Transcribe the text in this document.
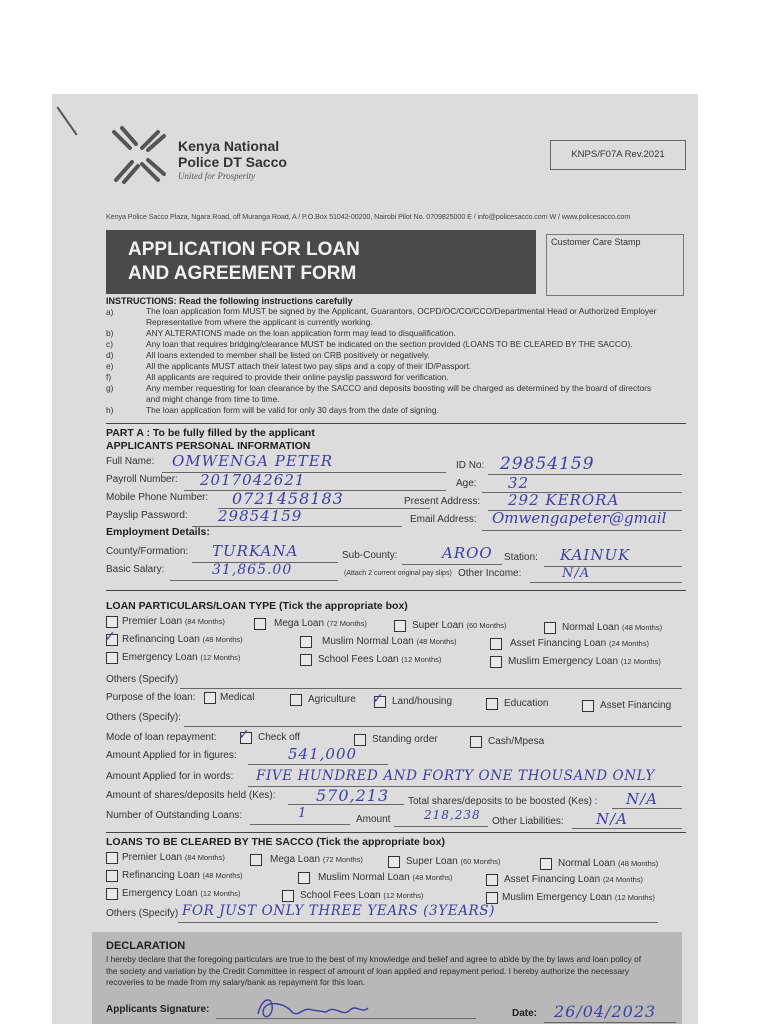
Kenya National
Police DT Sacco
United for Prosperity
KNPS/F07A Rev.2021
Kenya Police Sacco Plaza, Ngara Road, off Muranga Road, A / P.O.Box 51042-00200, Nairobi Pilot No. 0709825000 E / info@policesacco.com W / www.policesacco.com
APPLICATION FOR LOAN
AND AGREEMENT FORM
Customer Care Stamp
INSTRUCTIONS: Read the following instructions carefully
a)	The loan application form MUST be signed by the Applicant, Guarantors, OCPD/OC/CO/CCO/Departmental Head or Authorized Employer
Representative from where the applicant is currently working.
b)	ANY ALTERATIONS made on the loan application form may lead to disqualification.
c)	Any loan that requires bridging/clearance MUST be indicated on the section provided (LOANS TO BE CLEARED BY THE SACCO).
d)	All loans extended to member shall be listed on CRB positively or negatively.
e)	All the applicants MUST attach their latest two pay slips and a copy of their ID/Passport.
f)	All applicants are required to provide their online payslip password for verification.
g)	Any member requesting for loan clearance by the SACCO and deposits boosting will be charged as determined by the board of directors
and might change from time to time.
h)	The loan application form will be valid for only 30 days from the date of signing.
PART A : To be fully filled by the applicant
APPLICANTS PERSONAL INFORMATION
Full Name: OMWENGA PETER	ID No: 29854159
Payroll Number: 2017042621	Age: 32
Mobile Phone Number: 0721458183	Present Address: 292 KERORA
Payslip Password: 29854159	Email Address: Omwengapeter@gmail
Employment Details:
County/Formation: TURKANA	Sub-County:	AROO Station: KAINUK
Basic Salary:	31,865.00	(Attach 2 current original pay slips) Other Income:	N/A
LOAN PARTICULARS/LOAN TYPE (Tick the appropriate box)
Premier Loan (84 Months)	Mega Loan (72 Months)	Super Loan (60 Months)	Normal Loan (48 Months)
✓ Refinancing Loan (48 Months)	Muslim Normal Loan (48 Months)	Asset Financing Loan (24 Months)
Emergency Loan (12 Months)	School Fees Loan (12 Months)	Muslim Emergency Loan (12 Months)
Others (Specify)
Purpose of the loan: Medical	Agriculture ✓ Land/housing	Education	Asset Financing
Others (Specify):
Mode of loan repayment: ✓ Check off	Standing order	Cash/Mpesa
Amount Applied for in figures:	541,000
Amount Applied for in words: FIVE HUNDRED AND FORTY ONE THOUSAND ONLY
Amount of shares/deposits held (Kes):	570,213 Total shares/deposits to be boosted (Kes) : N/A
Number of Outstanding Loans:	1	Amount	218,238 Other Liabilities: N/A
LOANS TO BE CLEARED BY THE SACCO (Tick the appropriate box)
Premier Loan (84 Months)	Mega Loan (72 Months)	Super Loan (60 Months)	Normal Loan (48 Months)
Refinancing Loan (48 Months)	Muslim Normal Loan (48 Months)	Asset Financing Loan (24 Months)
Emergency Loan (12 Months)	School Fees Loan (12 Months)	Muslim Emergency Loan (12 Months)
Others (Specify) FOR JUST ONLY THREE YEARS (3YEARS)
DECLARATION
I hereby declare that the foregoing particulars are true to the best of my knowledge and belief and agree to abide by the by laws and loan policy of the society and variation by the Credit Committee in respect of amount of loan applied and repayment period. I hereby authorize the necessary recoveries to be made from my salary/bank as repayment for this loan.
Applicants Signature:	Date: 26/04/2023
